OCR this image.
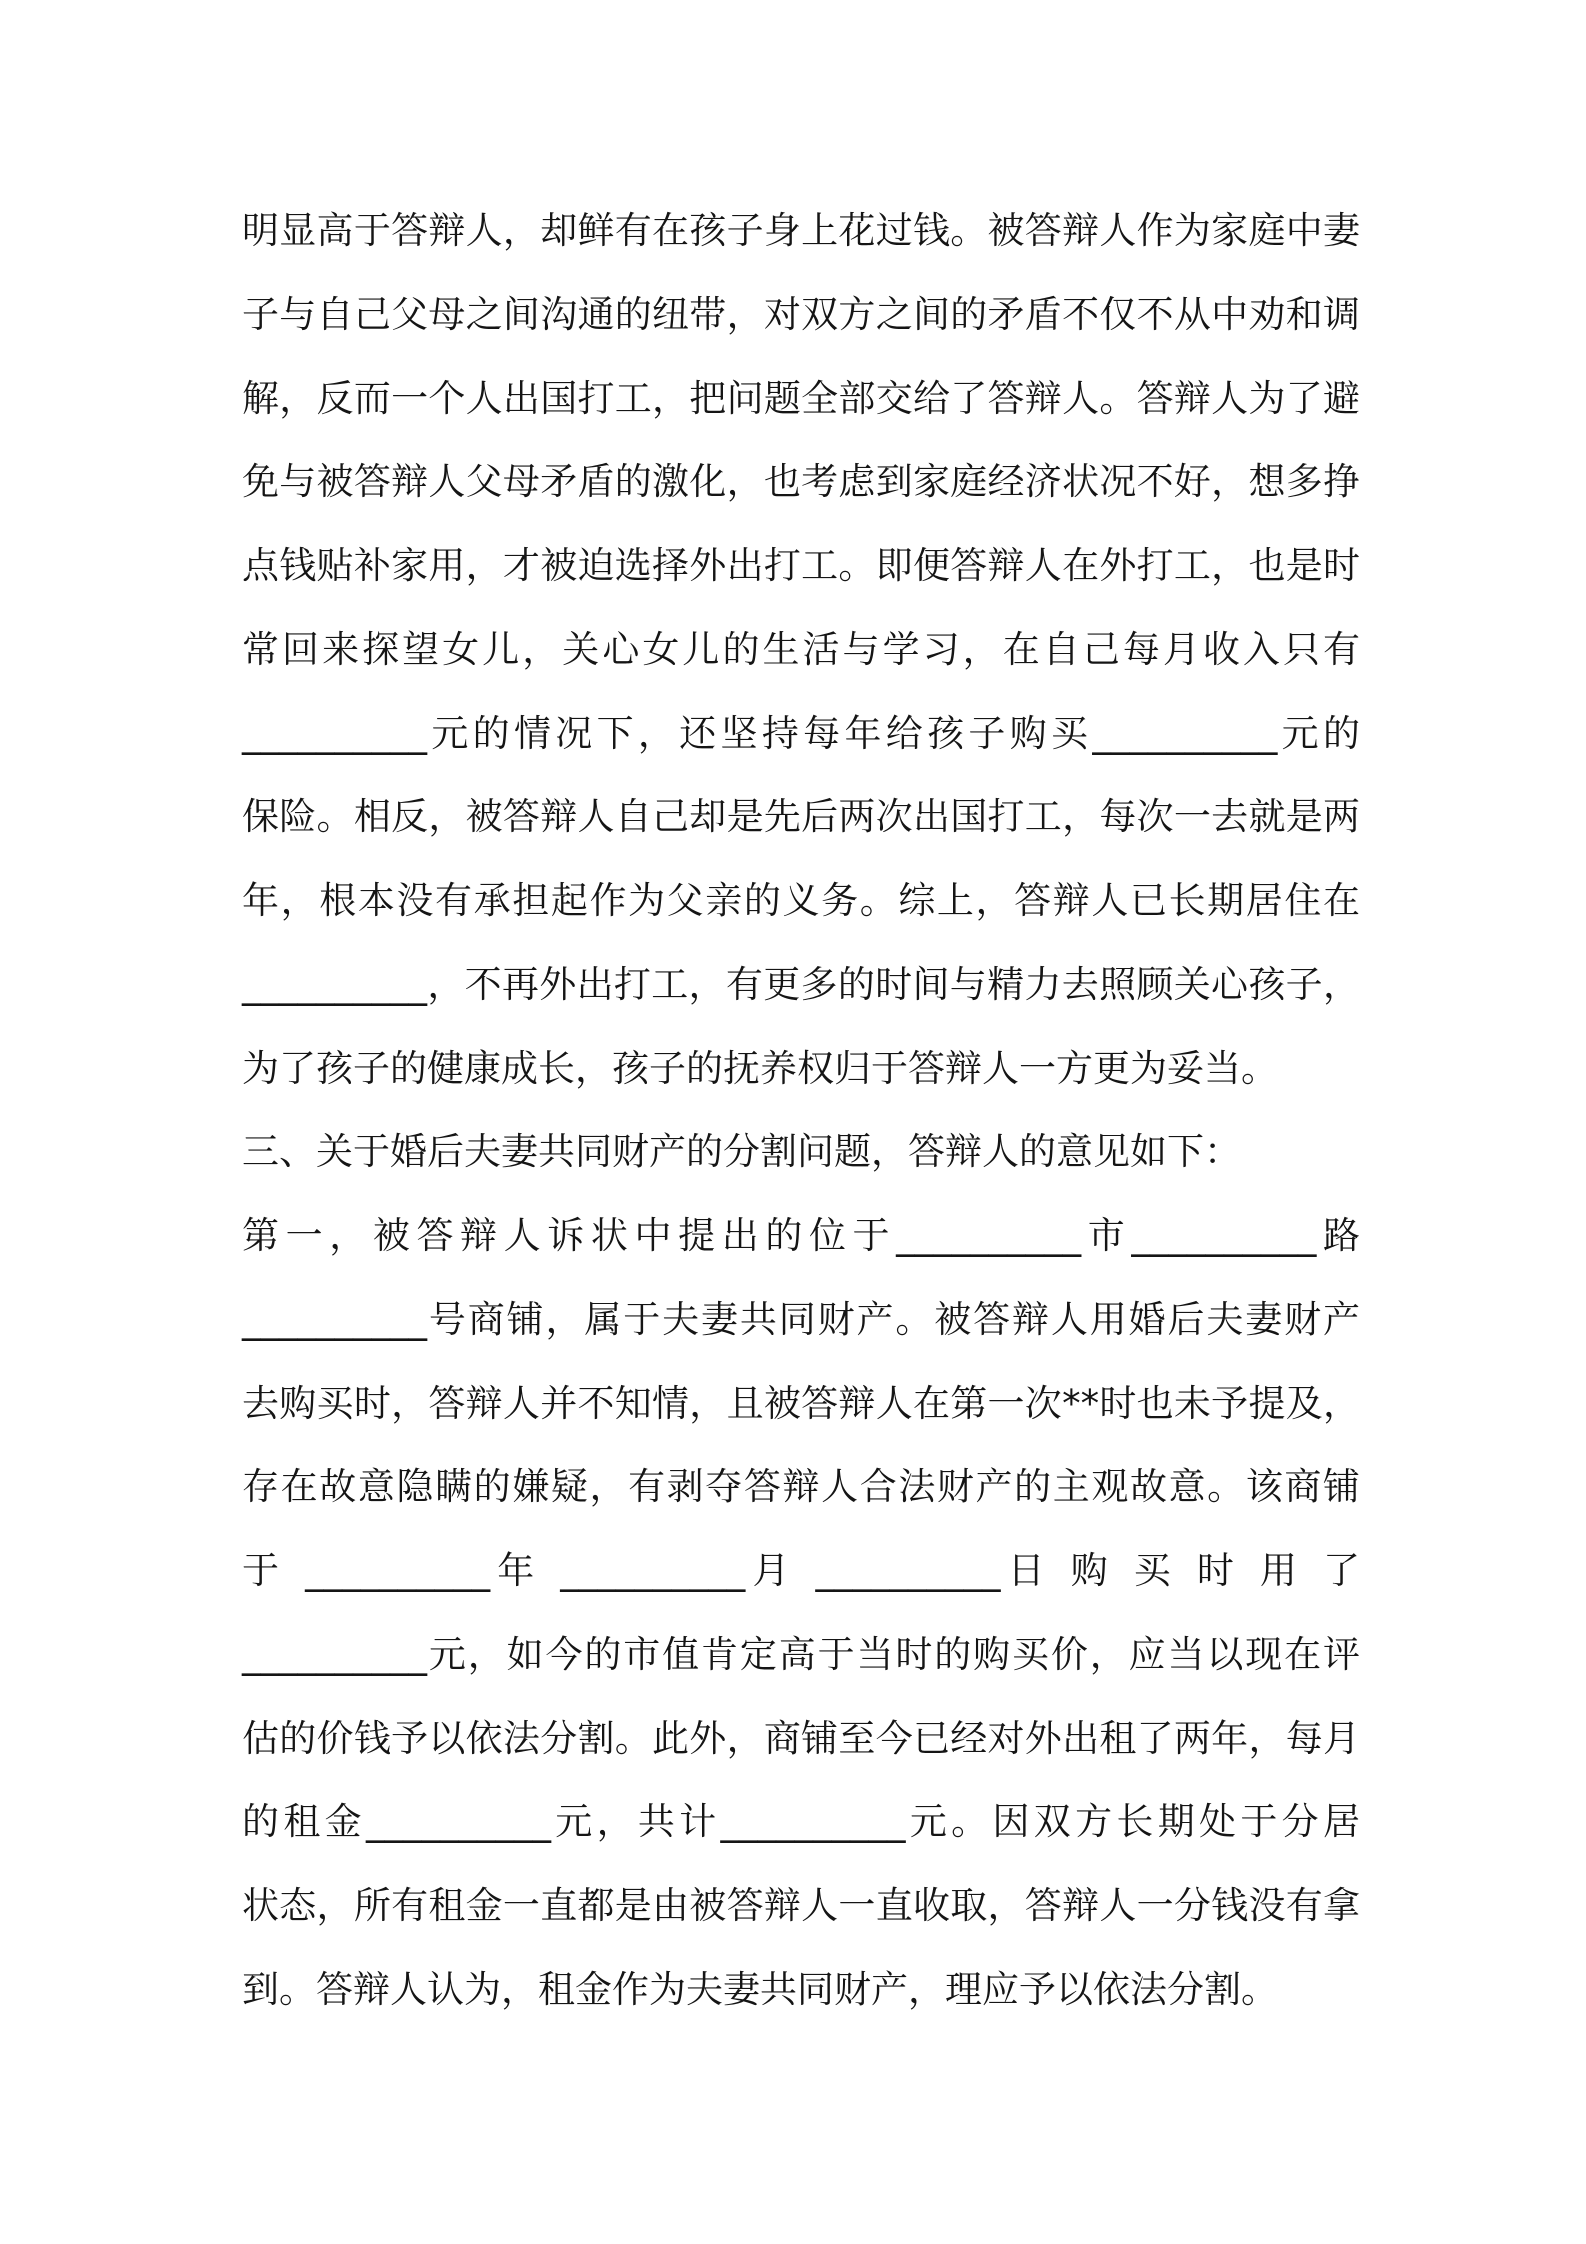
明显高于答辩人，却鲜有在孩子身上花过钱。被答辩人作为家庭中妻
子与自己父母之间沟通的纽带，对双方之间的矛盾不仅不从中劝和调
解，反而一个人出国打工，把问题全部交给了答辩人。答辩人为了避
免与被答辩人父母矛盾的激化，也考虑到家庭经济状况不好，想多挣
点钱贴补家用，才被迫选择外出打工。即便答辩人在外打工，也是时
常回来探望女儿，关心女儿的生活与学习，在自己每月收入只有
__________元的情况下，还坚持每年给孩子购买__________元的
保险。相反，被答辩人自己却是先后两次出国打工，每次一去就是两
年，根本没有承担起作为父亲的义务。综上，答辩人已长期居住在
__________，不再外出打工，有更多的时间与精力去照顾关心孩子，
为了孩子的健康成长，孩子的抚养权归于答辩人一方更为妥当。
三、关于婚后夫妻共同财产的分割问题，答辩人的意见如下：
第一，被答辩人诉状中提出的位于__________市__________路
__________号商铺，属于夫妻共同财产。被答辩人用婚后夫妻财产
去购买时，答辩人并不知情，且被答辩人在第一次**时也未予提及，
存在故意隐瞒的嫌疑，有剥夺答辩人合法财产的主观故意。该商铺
于 __________年 __________月 __________日 购 买 时 用 了
__________元，如今的市值肯定高于当时的购买价，应当以现在评
估的价钱予以依法分割。此外，商铺至今已经对外出租了两年，每月
的租金__________元，共计__________元。因双方长期处于分居
状态，所有租金一直都是由被答辩人一直收取，答辩人一分钱没有拿
到。答辩人认为，租金作为夫妻共同财产，理应予以依法分割。
